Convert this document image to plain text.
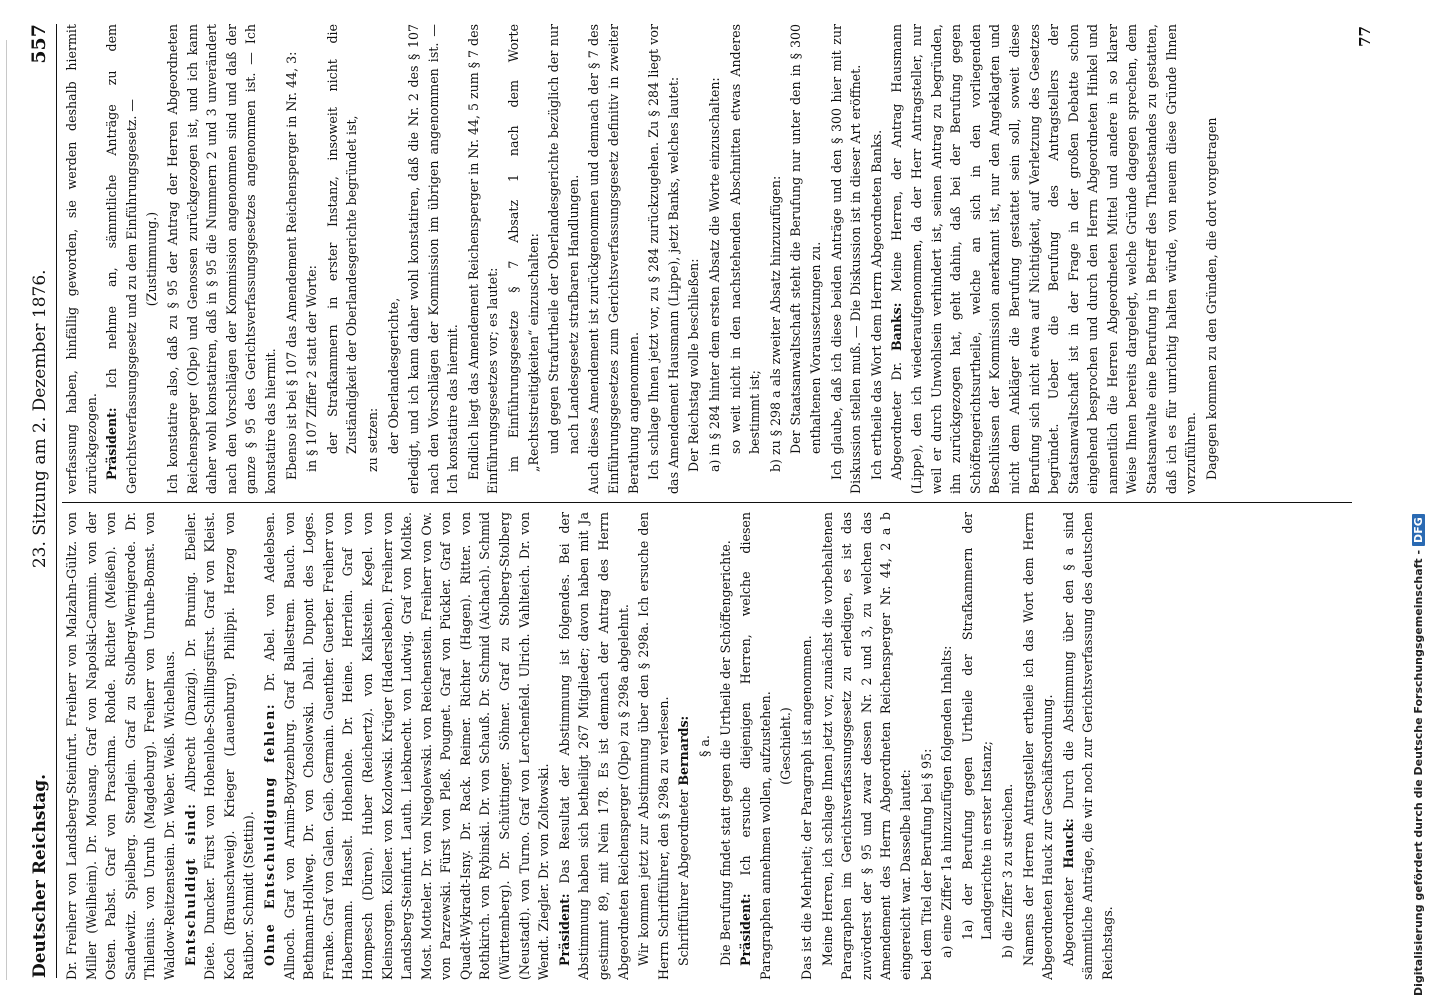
Deutscher Reichstag.
23. Sitzung am 2. Dezember 1876.
557

Dr. Freiherr von Landsberg-Steinfurt. Freiherr von Malzahn-Gültz. von Miller (Weilheim). Dr. Mousang. Graf von Napolski-Cammin. von der Osten. Pabst. Graf von Praschma. Rohde. Richter (Meißen). von Sandewitz. Spielberg. Stenglein. Graf zu Stolberg-Wernigerode. Dr. Thilenius. von Unruh (Magdeburg). Freiherr von Unruhe-Bomst. von Waldow-Reitzenstein. Dr. Weber. Weiß. Wichelhaus. Entschuldigt sind: Albrecht (Danzig). Dr. Bruning. Ebeiler. Diete. Duncker. Fürst von Hohenlohe-Schillingsfürst. Graf von Kleist. Koch (Braunschweig). Krieger (Lauenburg). Philippi. Herzog von Ratibor. Schmidt (Stettin). Ohne Entschuldigung fehlen: Dr. Abel. von Adelebsen. Allnoch. Graf von Arnim-Boytzenburg. Graf Ballestrem. Bauch. von Bethmann-Hollweg. Dr. von Choslowski. Dahl. Dupont des Loges. Franke. Graf von Galen. Geib. Germain. Guenther. Guerber. Freiherr von Habermann. Hasselt. Hohenlohe. Dr. Heine. Herrlein. Graf von Hompesch (Düren). Huber (Reichertz). von Kalkstein. Kegel. von Kleinsorgen. Kölleer. von Kozlowski. Krüger (Hadersleben). Freiherr von Landsberg-Steinfurt. Lauth. Liebknecht. von Ludwig. Graf von Moltke. Most. Motteler. Dr. von Niegolewski. von Reichenstein. Freiherr von Ow. von Parzewski. Fürst von Pleß. Pougnet. Graf von Pückler. Graf von Quadt-Wykradt-Isny. Dr. Rack. Reimer. Richter (Hagen). Ritter. von Rothkirch. von Rybinski. Dr. von Schauß. Dr. Schmid (Aichach). Schmid (Württemberg). Dr. Schüttinger. Söhner. Graf zu Stolberg-Stolberg (Neustadt). von Turno. Graf von Lerchenfeld. Ulrich. Vahlteich. Dr. von Wendt. Ziegler. Dr. von Zoltowski. Präsident: Das Resultat der Abstimmung ist folgendes. Bei der Abstimmung haben sich betheiligt 267 Mitglieder; davon haben mit Ja gestimmt 89, mit Nein 178. Es ist demnach der Antrag des Herrn Abgeordneten Reichensperger (Olpe) zu § 298a abgelehnt. Wir kommen jetzt zur Abstimmung über den § 298a. Ich ersuche den Herrn Schriftführer, den § 298a zu verlesen. Schriftführer Abgeordneter Bernards: § a. Die Berufung findet statt gegen die Urtheile der Schöffengerichte. Präsident: Ich ersuche diejenigen Herren, welche diesen Paragraphen annehmen wollen, aufzustehen. (Geschieht.) Das ist die Mehrheit; der Paragraph ist angenommen. Meine Herren, ich schlage Ihnen jetzt vor, zunächst die vorbehaltenen Paragraphen im Gerichtsverfassungsgesetz zu erledigen, es ist das zuvörderst der § 95 und zwar dessen Nr. 2 und 3, zu welchen das Amendement des Herrn Abgeordneten Reichensperger Nr. 44, 2 a b eingereicht war. Dasselbe lautet: bei dem Titel der Berufung bei § 95: a) eine Ziffer 1a hinzuzufügen folgenden Inhalts: 1a) der Berufung gegen Urtheile der Strafkammern der Landgerichte in erster Instanz; b) die Ziffer 3 zu streichen. Namens der Herren Antragsteller ertheile ich das Wort dem Herrn Abgeordneten Hauck zur Geschäftsordnung. Abgeordneter Hauck: Durch die Abstimmung über den § a sind sämmtliche Anträge, die wir noch zur Gerichtsverfassung des deutschen Reichstags.

verfassung haben, hinfällig geworden, sie werden deshalb hiermit zurückgezogen. Präsident: Ich nehme an, sämmtliche Anträge zu dem Gerichtsverfassungsgesetz und zu dem Einführungsgesetz. — (Zustimmung.) Ich konstatire also, daß zu § 95 der Antrag der Herren Abgeordneten Reichensperger (Olpe) und Genossen zurückgezogen ist, und ich kann daher wohl konstatiren, daß in § 95 die Nummern 2 und 3 unverändert nach den Vorschlägen der Kommission angenommen sind und daß der ganze § 95 des Gerichtsverfassungsgesetzes angenommen ist. — Ich konstatire das hiermit. Ebenso ist bei § 107 das Amendement Reichensperger in Nr. 44, 3: in § 107 Ziffer 2 statt der Worte: der Strafkammern in erster Instanz, insoweit nicht die Zuständigkeit der Oberlandesgerichte begründet ist, zu setzen: der Oberlandesgerichte, erledigt, und ich kann daher wohl konstatiren, daß die Nr. 2 des § 107 nach den Vorschlägen der Kommission im übrigen angenommen ist. — Ich konstatire das hiermit. Endlich liegt das Amendement Reichensperger in Nr. 44, 5 zum § 7 des Einführungsgesetzes vor; es lautet: im Einführungsgesetze § 7 Absatz 1 nach dem Worte „Rechtsstreitigkeiten“ einzuschalten: und gegen Strafurtheile der Oberlandesgerichte bezüglich der nur nach Landesgesetz strafbaren Handlungen. Auch dieses Amendement ist zurückgenommen und demnach der § 7 des Einführungsgesetzes zum Gerichtsverfassungsgesetz definitiv in zweiter Berathung angenommen. Ich schlage Ihnen jetzt vor, zu § 284 zurückzugehen. Zu § 284 liegt vor das Amendement Hausmann (Lippe), jetzt Banks, welches lautet: Der Reichstag wolle beschließen: a) in § 284 hinter dem ersten Absatz die Worte einzuschalten: so weit nicht in den nachstehenden Abschnitten etwas Anderes bestimmt ist; b) zu § 298 a als zweiter Absatz hinzuzufügen: Der Staatsanwaltschaft steht die Berufung nur unter den in § 300 enthaltenen Voraussetzungen zu. Ich glaube, daß ich diese beiden Anträge und den § 300 hier mit zur Diskussion stellen muß. — Die Diskussion ist in dieser Art eröffnet. Ich ertheile das Wort dem Herrn Abgeordneten Banks. Abgeordneter Dr. Banks: Meine Herren, der Antrag Hausmann (Lippe), den ich wiederaufgenommen, da der Herr Antragsteller, nur weil er durch Unwohlsein verhindert ist, seinen Antrag zu begründen, ihn zurückgezogen hat, geht dahin, daß bei der Berufung gegen Schöffengerichtsurtheile, welche an sich in den vorliegenden Beschlüssen der Kommission anerkannt ist, nur den Angeklagten und nicht dem Ankläger die Berufung gestattet sein soll, soweit diese Berufung sich nicht etwa auf Nichtigkeit, auf Verletzung des Gesetzes begründet. Ueber die Berufung des Antragstellers der Staatsanwaltschaft ist in der Frage in der großen Debatte schon eingehend besprochen und durch den Herrn Abgeordneten Hinkel und namentlich die Herren Abgeordneten Mittel und andere in so klarer Weise Ihnen bereits dargelegt, welche Gründe dagegen sprechen, dem Staatsanwalte eine Berufung in Betreff des Thatbestandes zu gestatten, daß ich es für unrichtig halten würde, von neuem diese Gründe Ihnen vorzuführen. Dagegen kommen zu den Gründen, die dort vorgetragen

77
Digitalisierung gefördert durch die Deutsche Forschungsgemeinschaft -DFG
